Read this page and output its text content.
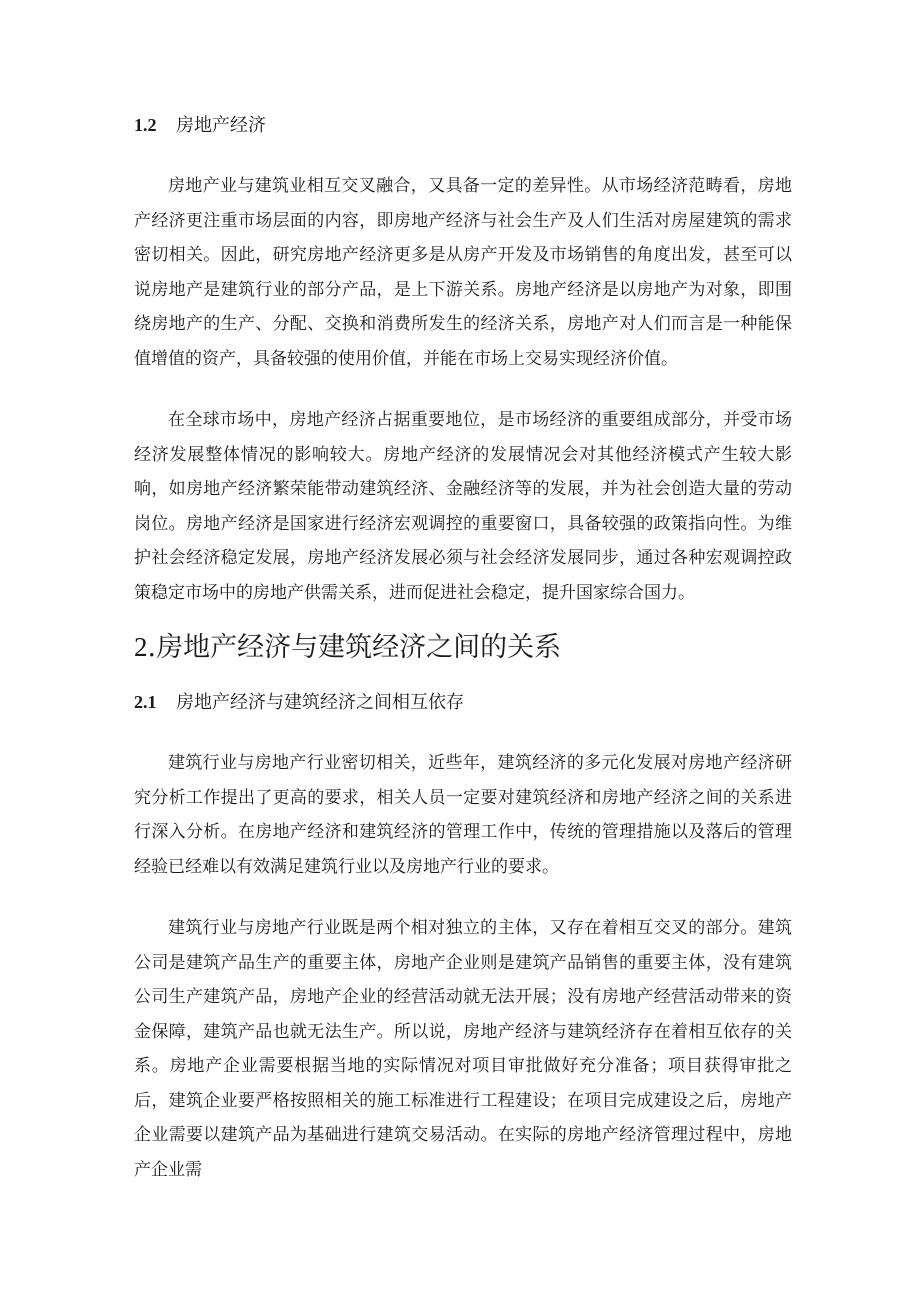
1.2 房地产经济

房地产业与建筑业相互交叉融合，又具备一定的差异性。从市场经济范畴看，房地产经济更注重市场层面的内容，即房地产经济与社会生产及人们生活对房屋建筑的需求密切相关。因此，研究房地产经济更多是从房产开发及市场销售的角度出发，甚至可以说房地产是建筑行业的部分产品，是上下游关系。房地产经济是以房地产为对象，即围绕房地产的生产、分配、交换和消费所发生的经济关系，房地产对人们而言是一种能保值增值的资产，具备较强的使用价值，并能在市场上交易实现经济价值。

在全球市场中，房地产经济占据重要地位，是市场经济的重要组成部分，并受市场经济发展整体情况的影响较大。房地产经济的发展情况会对其他经济模式产生较大影响，如房地产经济繁荣能带动建筑经济、金融经济等的发展，并为社会创造大量的劳动岗位。房地产经济是国家进行经济宏观调控的重要窗口，具备较强的政策指向性。为维护社会经济稳定发展，房地产经济发展必须与社会经济发展同步，通过各种宏观调控政策稳定市场中的房地产供需关系，进而促进社会稳定，提升国家综合国力。

2.房地产经济与建筑经济之间的关系
2.1 房地产经济与建筑经济之间相互依存

建筑行业与房地产行业密切相关，近些年，建筑经济的多元化发展对房地产经济研究分析工作提出了更高的要求，相关人员一定要对建筑经济和房地产经济之间的关系进行深入分析。在房地产经济和建筑经济的管理工作中，传统的管理措施以及落后的管理经验已经难以有效满足建筑行业以及房地产行业的要求。

建筑行业与房地产行业既是两个相对独立的主体，又存在着相互交叉的部分。建筑公司是建筑产品生产的重要主体，房地产企业则是建筑产品销售的重要主体，没有建筑公司生产建筑产品，房地产企业的经营活动就无法开展；没有房地产经营活动带来的资金保障，建筑产品也就无法生产。所以说，房地产经济与建筑经济存在着相互依存的关系。房地产企业需要根据当地的实际情况对项目审批做好充分准备；项目获得审批之后，建筑企业要严格按照相关的施工标准进行工程建设；在项目完成建设之后，房地产企业需要以建筑产品为基础进行建筑交易活动。在实际的房地产经济管理过程中，房地产企业需
